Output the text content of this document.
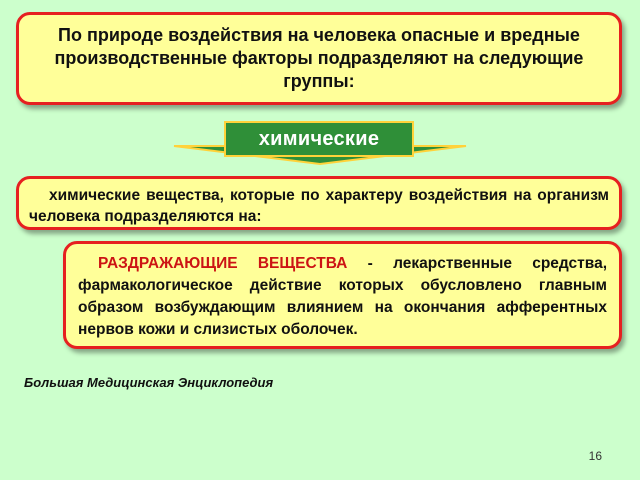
По природе воздействия на человека опасные и вредные производственные факторы подразделяют на следующие группы:
химические
химические вещества, которые по характеру воздействия на организм человека подразделяются на:
РАЗДРАЖАЮЩИЕ ВЕЩЕСТВА - лекарственные средства, фармакологическое действие которых обусловлено главным образом возбуждающим влиянием на окончания афферентных нервов кожи и слизистых оболочек.
Большая Медицинская Энциклопедия
16
